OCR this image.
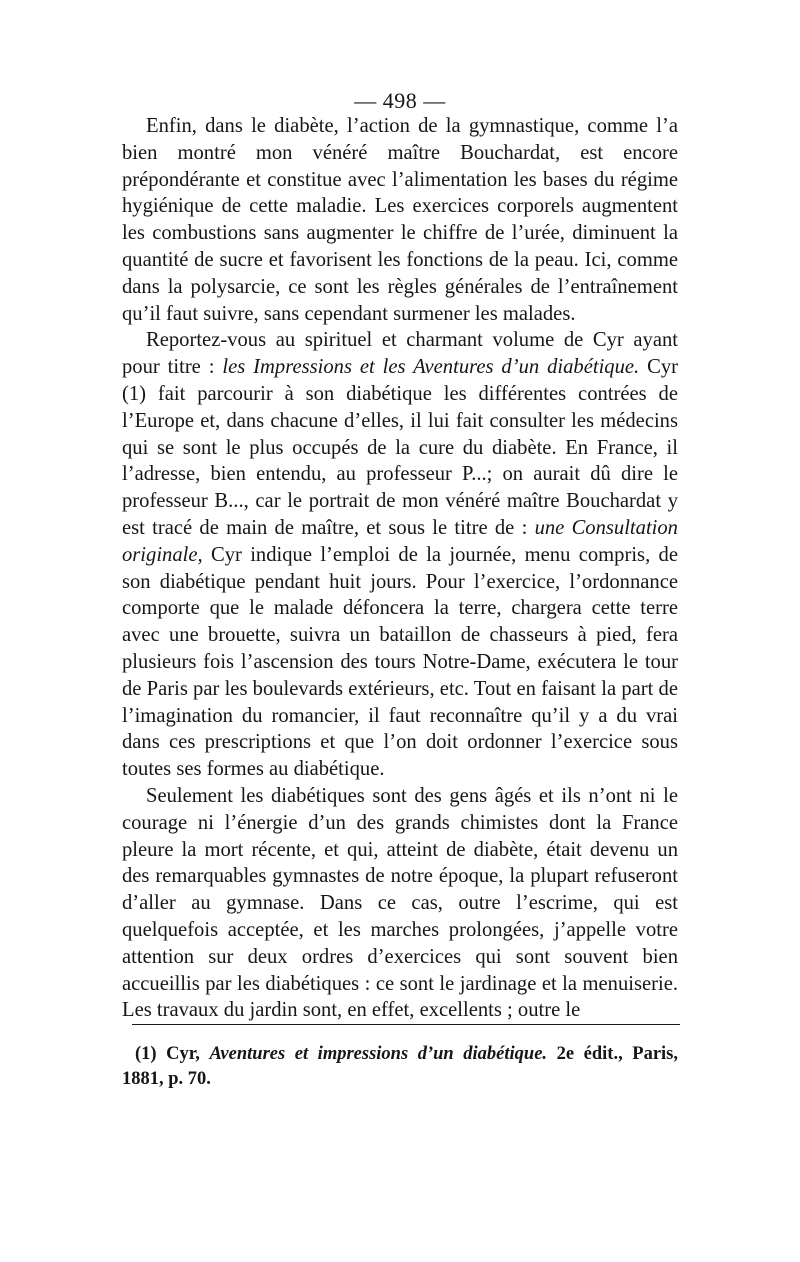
— 498 —

Enfin, dans le diabète, l’action de la gymnastique, comme l’a bien montré mon vénéré maître Bouchardat, est encore prépondérante et constitue avec l’alimentation les bases du régime hygiénique de cette maladie. Les exercices corporels augmentent les combustions sans augmenter le chiffre de l’urée, diminuent la quantité de sucre et favorisent les fonctions de la peau. Ici, comme dans la polysarcie, ce sont les règles générales de l’entraînement qu’il faut suivre, sans cependant surmener les malades.

Reportez-vous au spirituel et charmant volume de Cyr ayant pour titre : les Impressions et les Aventures d’un diabétique. Cyr (1) fait parcourir à son diabétique les différentes contrées de l’Europe et, dans chacune d’elles, il lui fait consulter les médecins qui se sont le plus occupés de la cure du diabète. En France, il l’adresse, bien entendu, au professeur P...; on aurait dû dire le professeur B..., car le portrait de mon vénéré maître Bouchardat y est tracé de main de maître, et sous le titre de : une Consultation originale, Cyr indique l’emploi de la journée, menu compris, de son diabétique pendant huit jours. Pour l’exercice, l’ordonnance comporte que le malade défoncera la terre, chargera cette terre avec une brouette, suivra un bataillon de chasseurs à pied, fera plusieurs fois l’ascension des tours Notre-Dame, exécutera le tour de Paris par les boulevards extérieurs, etc. Tout en faisant la part de l’imagination du romancier, il faut reconnaître qu’il y a du vrai dans ces prescriptions et que l’on doit ordonner l’exercice sous toutes ses formes au diabétique.

Seulement les diabétiques sont des gens âgés et ils n’ont ni le courage ni l’énergie d’un des grands chimistes dont la France pleure la mort récente, et qui, atteint de diabète, était devenu un des remarquables gymnastes de notre époque, la plupart refuseront d’aller au gymnase. Dans ce cas, outre l’escrime, qui est quelquefois acceptée, et les marches prolongées, j’appelle votre attention sur deux ordres d’exercices qui sont souvent bien accueillis par les diabétiques : ce sont le jardinage et la menuiserie. Les travaux du jardin sont, en effet, excellents ; outre le

(1) Cyr, Aventures et impressions d’un diabétique. 2e édit., Paris, 1881, p. 70.
